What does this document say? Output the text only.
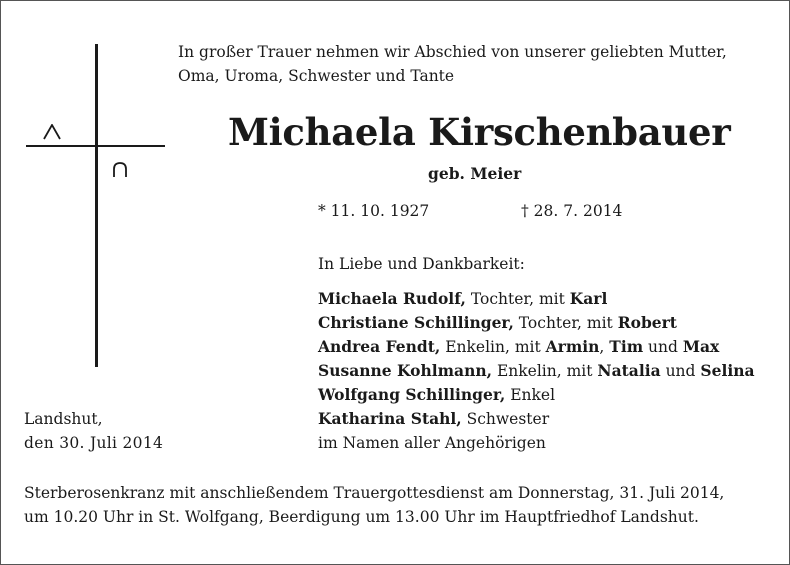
In großer Trauer nehmen wir Abschied von unserer geliebten Mutter,
Oma, Uroma, Schwester und Tante
Michaela Kirschenbauer
geb. Meier
* 11. 10. 1927	† 28. 7. 2014
In Liebe und Dankbarkeit:
Michaela Rudolf, Tochter, mit Karl
Christiane Schillinger, Tochter, mit Robert
Andrea Fendt, Enkelin, mit Armin, Tim und Max
Susanne Kohlmann, Enkelin, mit Natalia und Selina
Wolfgang Schillinger, Enkel
Katharina Stahl, Schwester
im Namen aller Angehörigen
Landshut,
den 30. Juli 2014
Sterberosenkranz mit anschließendem Trauergottesdienst am Donnerstag, 31. Juli 2014,
um 10.20 Uhr in St. Wolfgang, Beerdigung um 13.00 Uhr im Hauptfriedhof Landshut.
